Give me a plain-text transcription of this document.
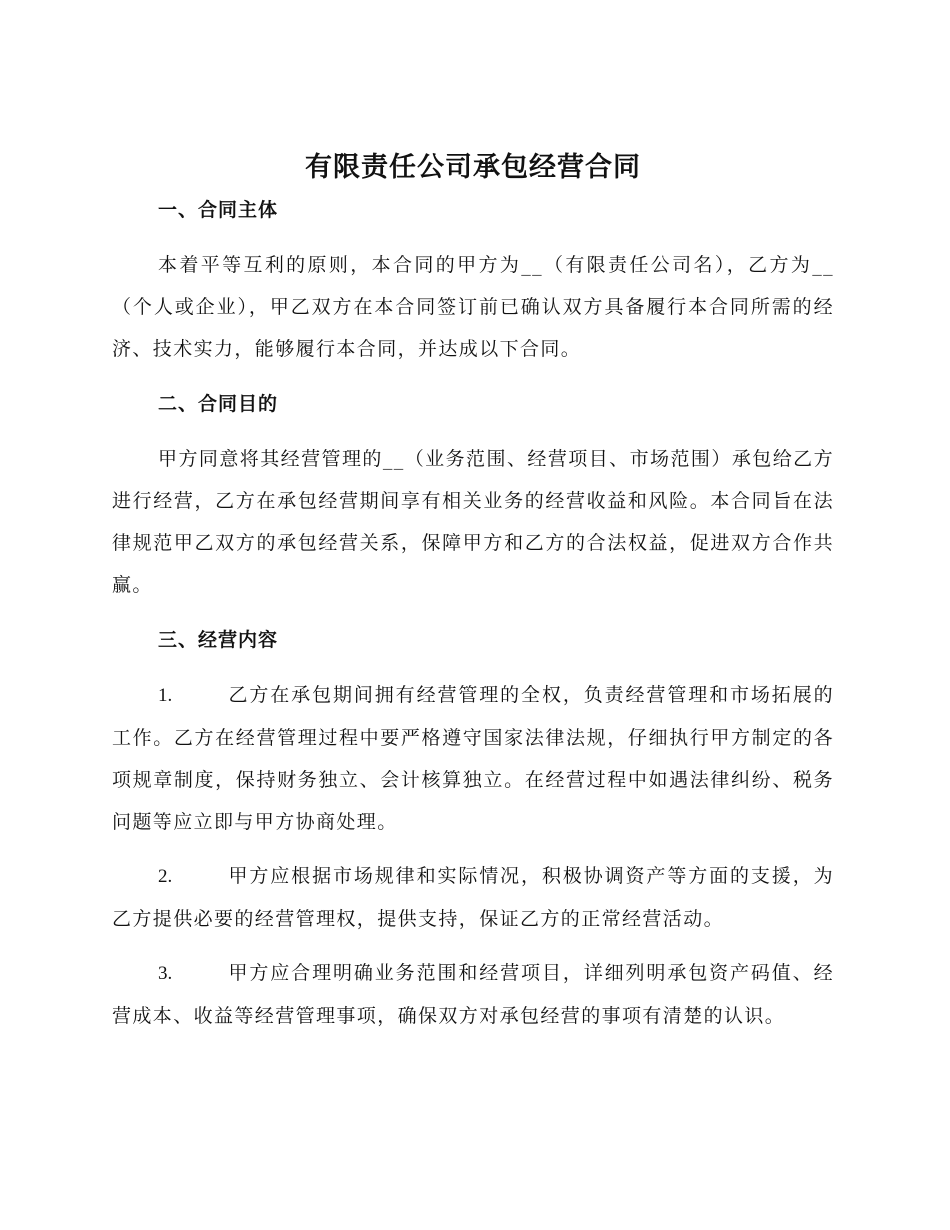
有限责任公司承包经营合同
一、合同主体

本着平等互利的原则，本合同的甲方为__（有限责任公司名），乙方为__（个人或企业），甲乙双方在本合同签订前已确认双方具备履行本合同所需的经济、技术实力，能够履行本合同，并达成以下合同。

二、合同目的

甲方同意将其经营管理的__（业务范围、经营项目、市场范围）承包给乙方进行经营，乙方在承包经营期间享有相关业务的经营收益和风险。本合同旨在法律规范甲乙双方的承包经营关系，保障甲方和乙方的合法权益，促进双方合作共赢。

三、经营内容

1.	乙方在承包期间拥有经营管理的全权，负责经营管理和市场拓展的工作。乙方在经营管理过程中要严格遵守国家法律法规，仔细执行甲方制定的各项规章制度，保持财务独立、会计核算独立。在经营过程中如遇法律纠纷、税务问题等应立即与甲方协商处理。

2.	甲方应根据市场规律和实际情况，积极协调资产等方面的支援，为乙方提供必要的经营管理权，提供支持，保证乙方的正常经营活动。

3.	甲方应合理明确业务范围和经营项目，详细列明承包资产码值、经营成本、收益等经营管理事项，确保双方对承包经营的事项有清楚的认识。
